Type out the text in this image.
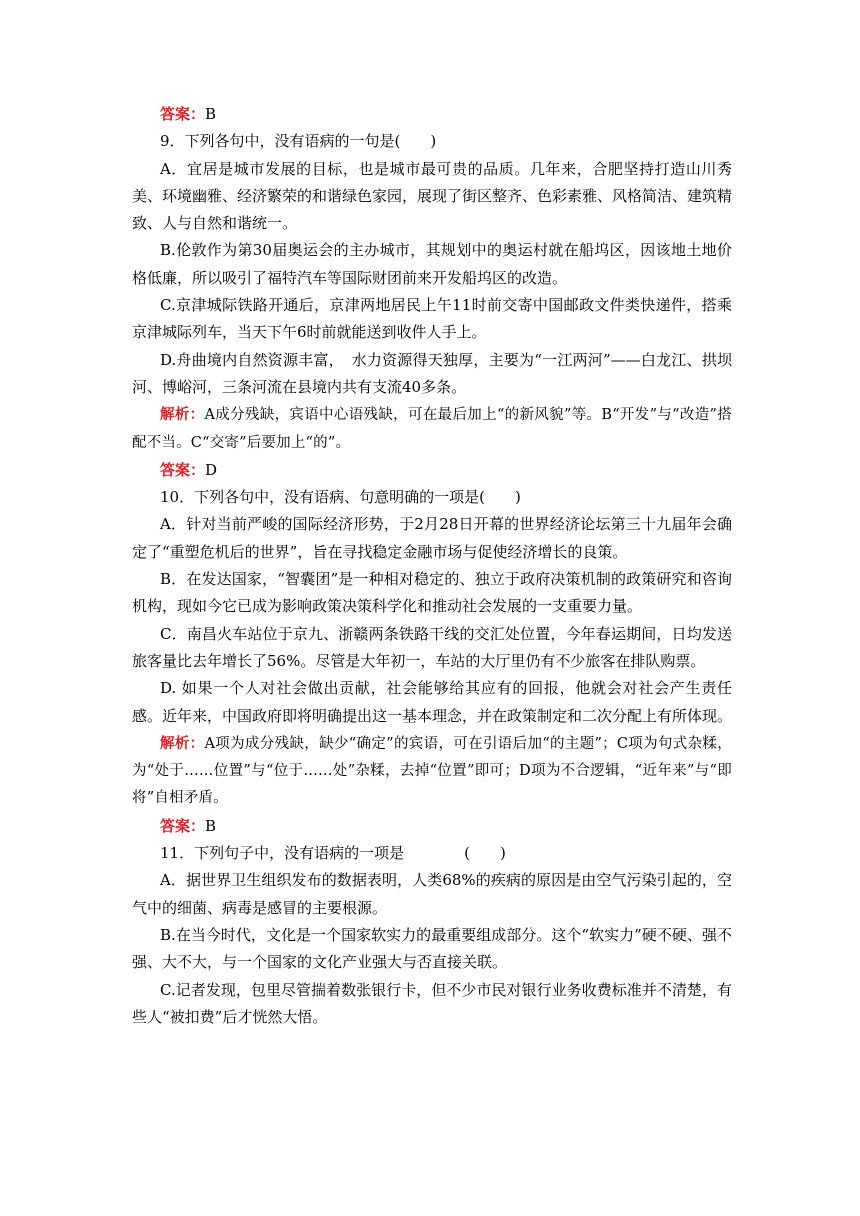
答案：B

9．下列各句中，没有语病的一句是(　　)

A．宜居是城市发展的目标，也是城市最可贵的品质。几年来，合肥坚持打造山川秀美、环境幽雅、经济繁荣的和谐绿色家园，展现了街区整齐、色彩素雅、风格简洁、建筑精致、人与自然和谐统一。

B.伦敦作为第30届奥运会的主办城市，其规划中的奥运村就在船坞区，因该地土地价格低廉，所以吸引了福特汽车等国际财团前来开发船坞区的改造。

C.京津城际铁路开通后，京津两地居民上午11时前交寄中国邮政文件类快递件，搭乘京津城际列车，当天下午6时前就能送到收件人手上。

D.舟曲境内自然资源丰富，　水力资源得天独厚，主要为“一江两河”——白龙江、拱坝河、博峪河，三条河流在县境内共有支流40多条。

解析：A成分残缺，宾语中心语残缺，可在最后加上“的新风貌”等。B“开发”与“改造”搭配不当。C“交寄”后要加上“的”。

答案：D

10．下列各句中，没有语病、句意明确的一项是(　　)

A．针对当前严峻的国际经济形势，于2月28日开幕的世界经济论坛第三十九届年会确定了“重塑危机后的世界”，旨在寻找稳定金融市场与促使经济增长的良策。

B．在发达国家，“智囊团”是一种相对稳定的、独立于政府决策机制的政策研究和咨询机构，现如今它已成为影响政策决策科学化和推动社会发展的一支重要力量。

C．南昌火车站位于京九、浙赣两条铁路干线的交汇处位置，今年春运期间，日均发送旅客量比去年增长了56%。尽管是大年初一，车站的大厅里仍有不少旅客在排队购票。

D. 如果一个人对社会做出贡献，社会能够给其应有的回报，他就会对社会产生责任感。近年来，中国政府即将明确提出这一基本理念，并在政策制定和二次分配上有所体现。

解析：A项为成分残缺，缺少“确定”的宾语，可在引语后加“的主题”；C项为句式杂糅，为“处于……位置”与“位于……处”杂糅，去掉“位置”即可；D项为不合逻辑，“近年来”与“即将”自相矛盾。

答案：B

11．下列句子中，没有语病的一项是　　　　(　　)

A．据世界卫生组织发布的数据表明，人类68%的疾病的原因是由空气污染引起的，空气中的细菌、病毒是感冒的主要根源。

B.在当今时代，文化是一个国家软实力的最重要组成部分。这个“软实力”硬不硬、强不强、大不大，与一个国家的文化产业强大与否直接关联。

C.记者发现，包里尽管揣着数张银行卡，但不少市民对银行业务收费标准并不清楚，有些人“被扣费”后才恍然大悟。
